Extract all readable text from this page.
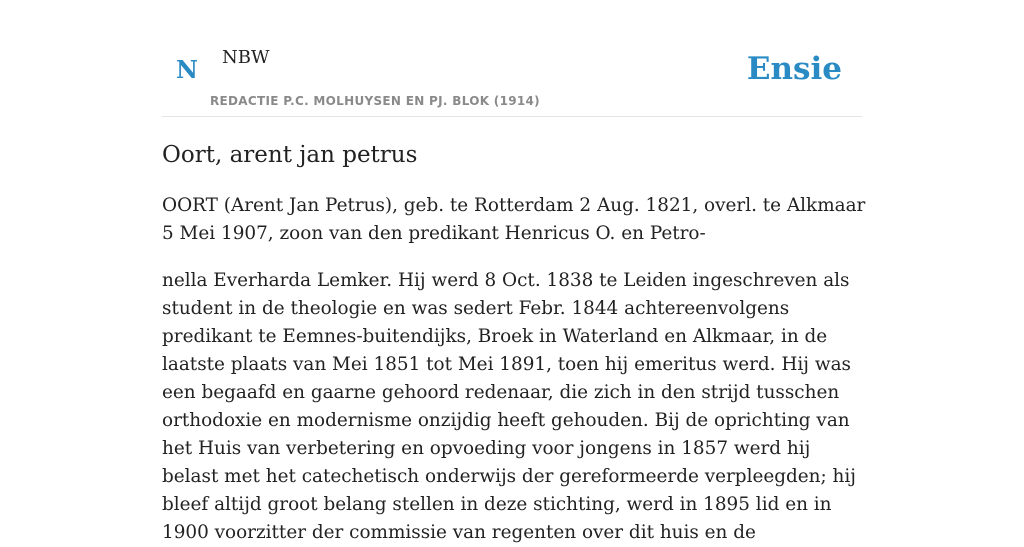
N NBW
REDACTIE P.C. MOLHUYSEN EN PJ. BLOK (1914)
Ensie
Oort, arent jan petrus

OORT (Arent Jan Petrus), geb. te Rotterdam 2 Aug. 1821, overl. te Alkmaar 5 Mei 1907, zoon van den predikant Henricus O. en Petro-

nella Everharda Lemker. Hij werd 8 Oct. 1838 te Leiden ingeschreven als student in de theologie en was sedert Febr. 1844 achtereenvolgens predikant te Eemnes-buitendijks, Broek in Waterland en Alkmaar, in de laatste plaats van Mei 1851 tot Mei 1891, toen hij emeritus werd. Hij was een begaafd en gaarne gehoord redenaar, die zich in den strijd tusschen orthodoxie en modernisme onzijdig heeft gehouden. Bij de oprichting van het Huis van verbetering en opvoeding voor jongens in 1857 werd hij belast met het catechetisch onderwijs der gereformeerde verpleegden; hij bleef altijd groot belang stellen in deze stichting, werd in 1895 lid en in 1900 voorzitter der commissie van regenten over dit huis en de
